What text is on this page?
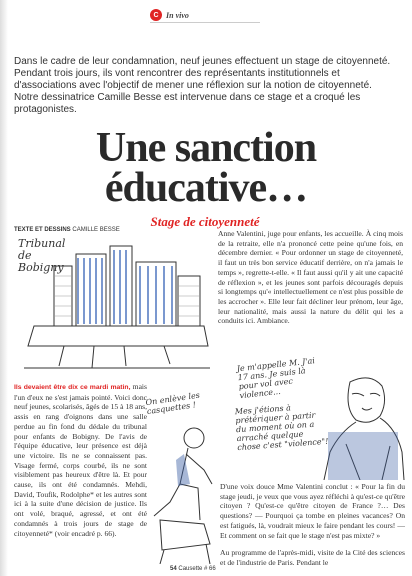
C In vivo

Dans le cadre de leur condamnation, neuf jeunes effectuent un stage de citoyenneté. Pendant trois jours, ils vont rencontrer des représentants institutionnels et d'associations avec l'objectif de mener une réflexion sur la notion de citoyenneté. Notre dessinatrice Camille Besse est intervenue dans ce stage et a croqué les protagonistes.

Une sanction
éducative…
Stage de citoyenneté
TEXTE ET DESSINS CAMILLE BESSE
Tribunal de Bobigny
Anne Valentini, juge pour enfants, les accueille. À cinq mois de la retraite, elle n'a prononcé cette peine qu'une fois, en décembre dernier. « Pour ordonner un stage de citoyenneté, il faut un très bon service éducatif derrière, on n'a jamais le temps », regrette-t-elle. « Il faut aussi qu'il y ait une capacité de réflexion », et les jeunes sont parfois découragés depuis si longtemps qu'« intellectuellement ce n'est plus possible de les accrocher ». Elle leur fait décliner leur prénom, leur âge, leur nationalité, mais aussi la nature du délit qui les a conduits ici. Ambiance.
Je m'appelle M. J'ai 17 ans. Je suis là pour vol avec violence...
Mes j'étions à prétériquer à partir du moment où on a arraché quelque chose c'est "violence"!
Ils devaient être dix ce mardi matin, mais l'un d'eux ne s'est jamais pointé. Voici donc neuf jeunes, scolarisés, âgés de 15 à 18 ans, assis en rang d'oignons dans une salle perdue au fin fond du dédale du tribunal pour enfants de Bobigny. De l'avis de l'équipe éducative, leur présence est déjà une victoire. Ils ne se connaissent pas. Visage fermé, corps courbé, ils ne sont visiblement pas heureux d'être là. Et pour cause, ils ont été condamnés. Mehdi, David, Toufik, Rodolphe* et les autres sont ici à la suite d'une décision de justice. Ils ont volé, braqué, agressé, et ont été condamnés à trois jours de stage de citoyenneté* (voir encadré p. 66).
On enlève les casquettes !
D'une voix douce Mme Valentini conclut : « Pour la fin du stage jeudi, je veux que vous ayez réfléchi à qu'est-ce qu'être citoyen ? Qu'est-ce qu'être citoyen de France ?… Des questions? — Pourquoi ça tombe en pleines vacances? On est fatigués, là, voudrait mieux le faire pendant les cours! — Et comment on se fait que le stage n'est pas mixte? »
Au programme de l'après-midi, visite de la Cité des sciences et de l'industrie de Paris. Pendant le
54 Causette # 66
